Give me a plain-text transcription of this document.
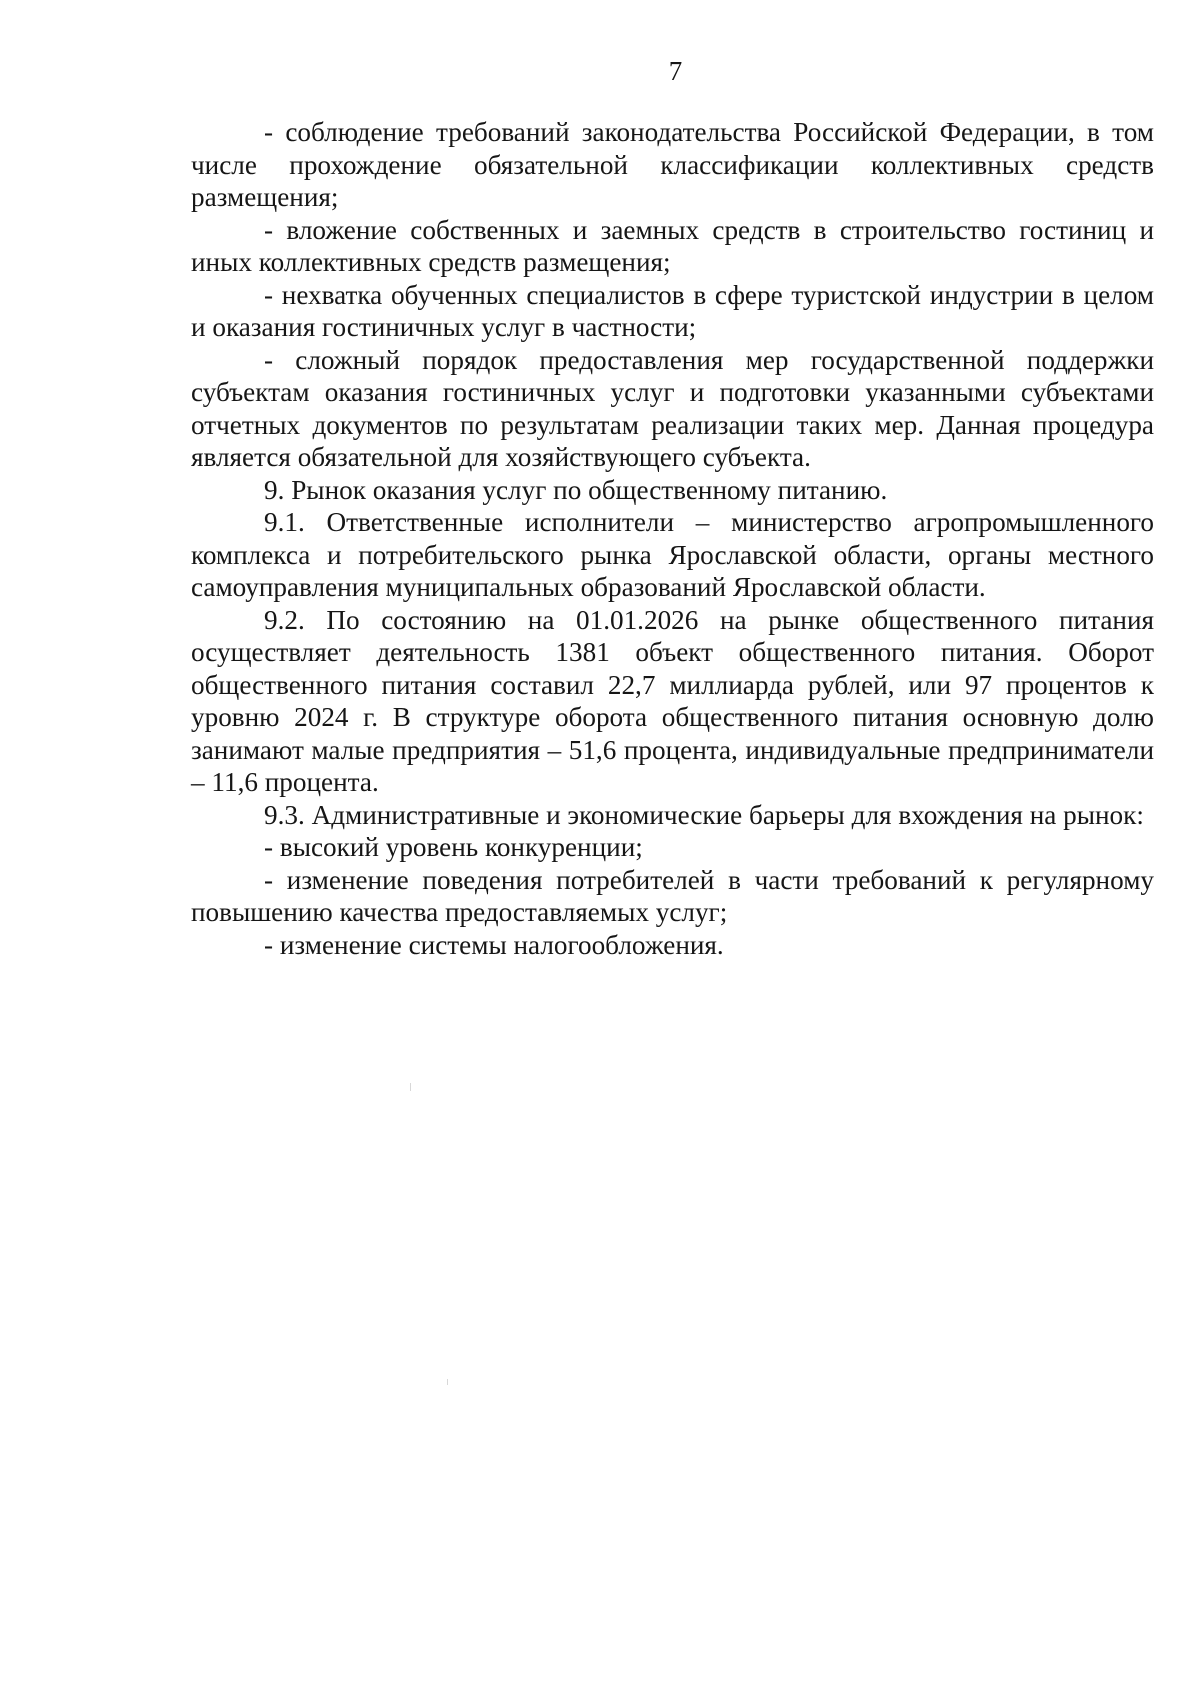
7

- соблюдение требований законодательства Российской Федерации, в том числе прохождение обязательной классификации коллективных средств размещения;

- вложение собственных и заемных средств в строительство гостиниц и иных коллективных средств размещения;

- нехватка обученных специалистов в сфере туристской индустрии в целом и оказания гостиничных услуг в частности;

- сложный порядок предоставления мер государственной поддержки субъектам оказания гостиничных услуг и подготовки указанными субъектами отчетных документов по результатам реализации таких мер. Данная процедура является обязательной для хозяйствующего субъекта.

9. Рынок оказания услуг по общественному питанию.

9.1. Ответственные исполнители – министерство агропромышленного комплекса и потребительского рынка Ярославской области, органы местного самоуправления муниципальных образований Ярославской области.

9.2. По состоянию на 01.01.2026 на рынке общественного питания осуществляет деятельность 1381 объект общественного питания. Оборот общественного питания составил 22,7 миллиарда рублей, или 97 процентов к уровню 2024 г. В структуре оборота общественного питания основную долю занимают малые предприятия – 51,6 процента, индивидуальные предприниматели – 11,6 процента.

9.3. Административные и экономические барьеры для вхождения на рынок:

- высокий уровень конкуренции;

- изменение поведения потребителей в части требований к регулярному повышению качества предоставляемых услуг;

- изменение системы налогообложения.
